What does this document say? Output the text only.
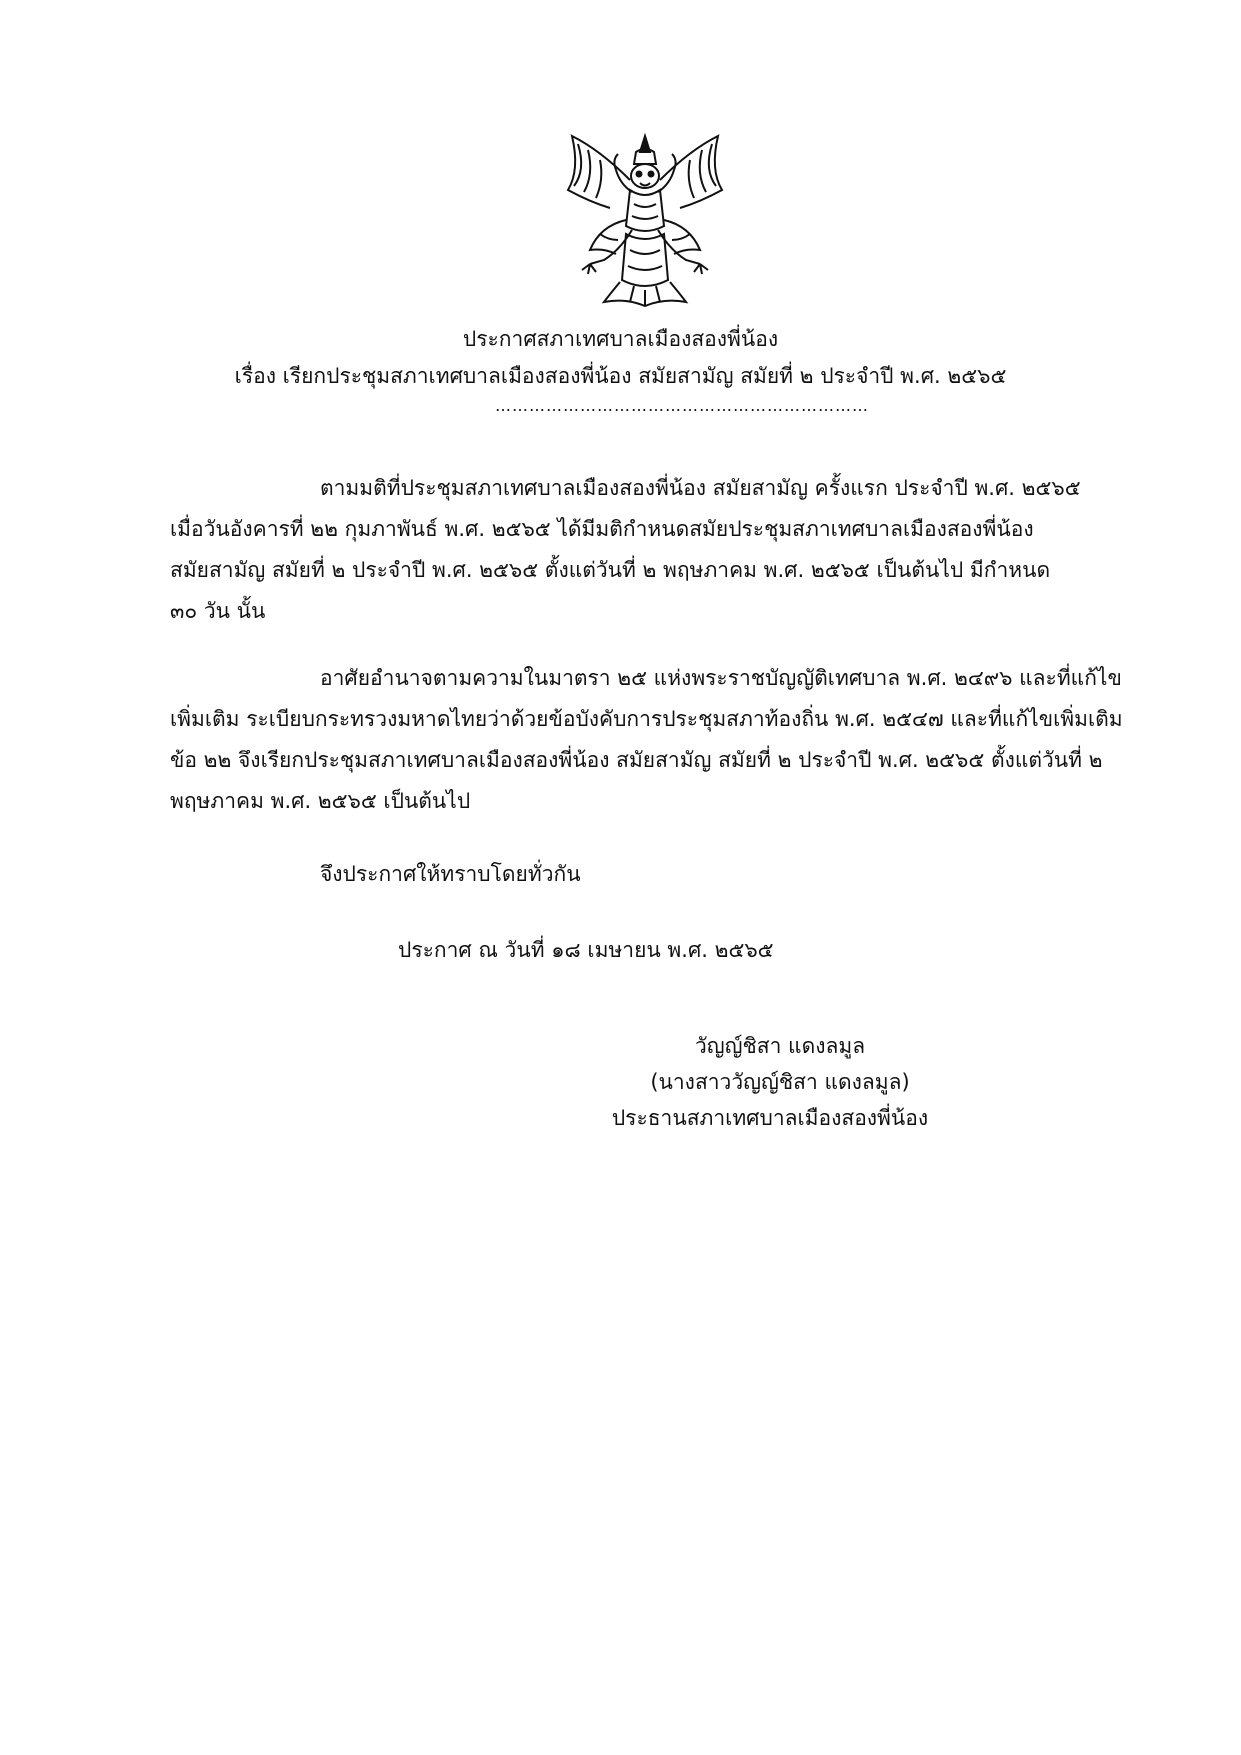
ประกาศสภาเทศบาลเมืองสองพี่น้อง
เรื่อง เรียกประชุมสภาเทศบาลเมืองสองพี่น้อง สมัยสามัญ สมัยที่ ๒ ประจำปี พ.ศ. ๒๕๖๕
…………………………………………………………
ตามมติที่ประชุมสภาเทศบาลเมืองสองพี่น้อง สมัยสามัญ ครั้งแรก ประจำปี พ.ศ. ๒๕๖๕
เมื่อวันอังคารที่ ๒๒ กุมภาพันธ์ พ.ศ. ๒๕๖๕ ได้มีมติกำหนดสมัยประชุมสภาเทศบาลเมืองสองพี่น้อง
สมัยสามัญ สมัยที่ ๒ ประจำปี พ.ศ. ๒๕๖๕ ตั้งแต่วันที่ ๒ พฤษภาคม พ.ศ. ๒๕๖๕ เป็นต้นไป มีกำหนด
๓๐ วัน นั้น
อาศัยอำนาจตามความในมาตรา ๒๕ แห่งพระราชบัญญัติเทศบาล พ.ศ. ๒๔๙๖ และที่แก้ไข
เพิ่มเติม ระเบียบกระทรวงมหาดไทยว่าด้วยข้อบังคับการประชุมสภาท้องถิ่น พ.ศ. ๒๕๔๗ และที่แก้ไขเพิ่มเติม
ข้อ ๒๒ จึงเรียกประชุมสภาเทศบาลเมืองสองพี่น้อง สมัยสามัญ สมัยที่ ๒ ประจำปี พ.ศ. ๒๕๖๕ ตั้งแต่วันที่ ๒
พฤษภาคม พ.ศ. ๒๕๖๕ เป็นต้นไป
จึงประกาศให้ทราบโดยทั่วกัน
ประกาศ ณ วันที่ ๑๘ เมษายน พ.ศ. ๒๕๖๕
วัญญ์ชิสา แดงลมูล
(นางสาววัญญ์ชิสา แดงลมูล)
ประธานสภาเทศบาลเมืองสองพี่น้อง
